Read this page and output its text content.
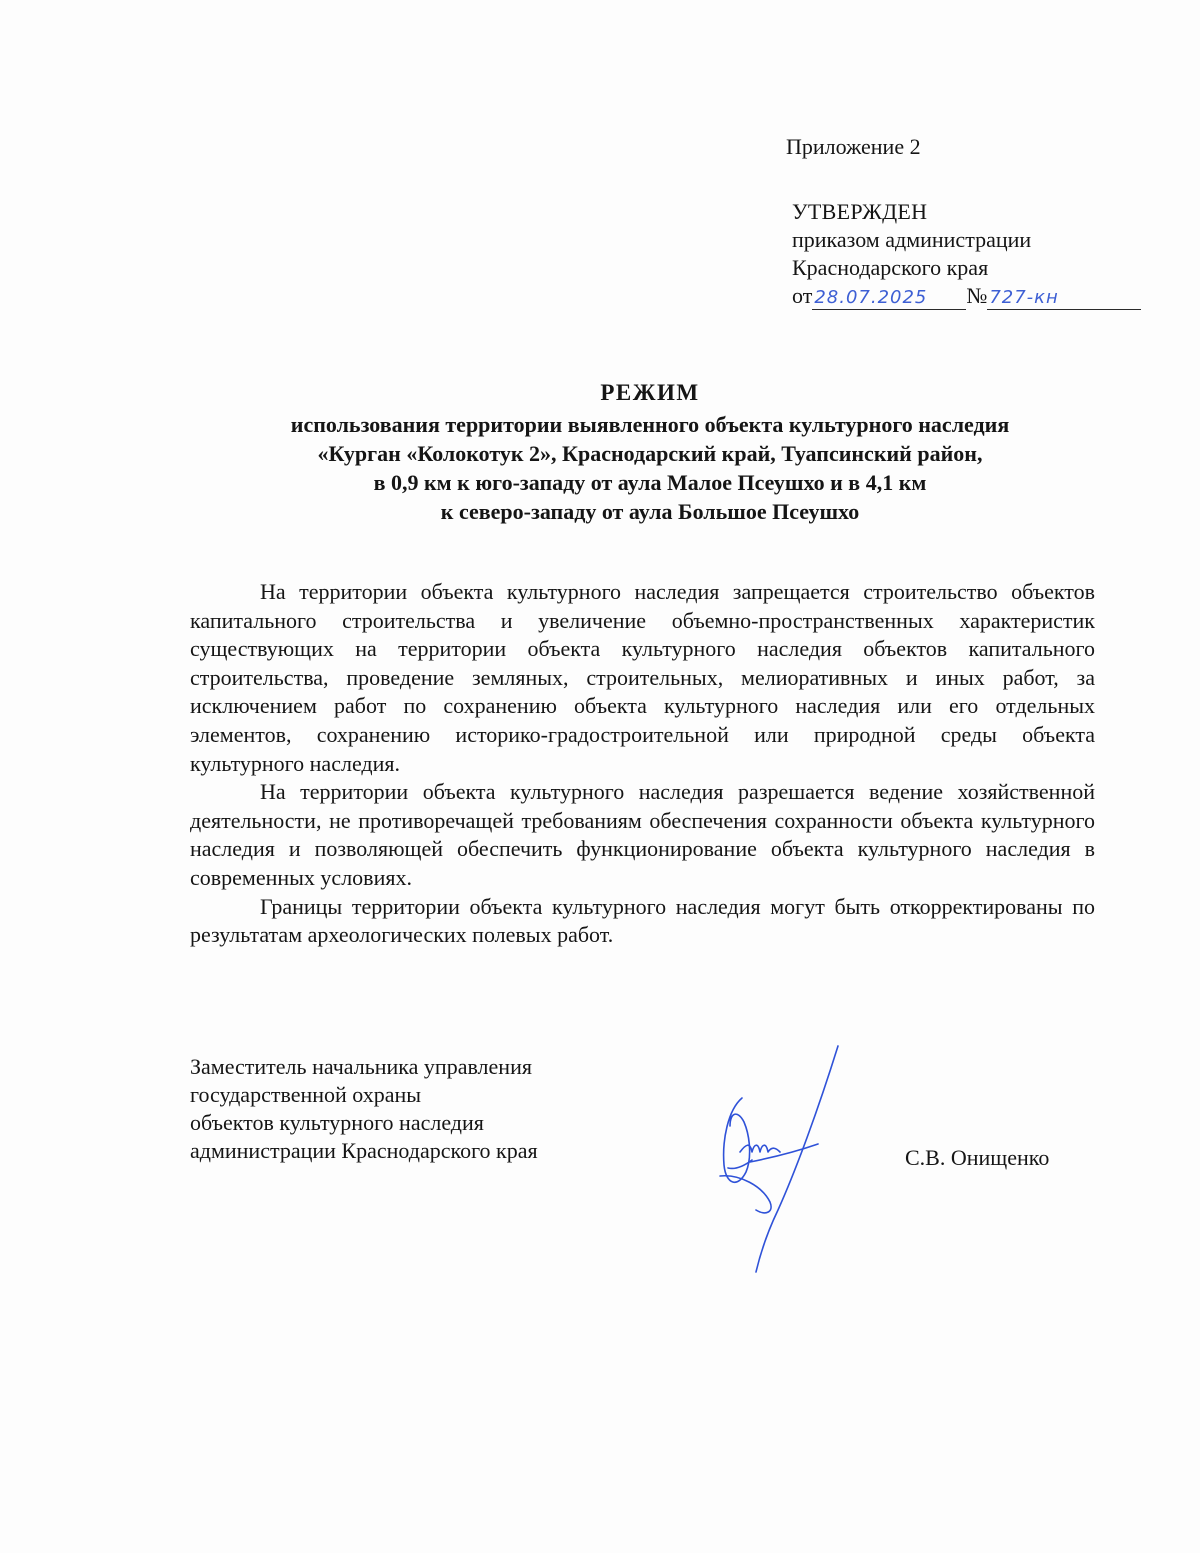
Приложение 2
УТВЕРЖДЕН
приказом администрации
Краснодарского края
от 28.07.2025 № 727-кн
РЕЖИМ
использования территории выявленного объекта культурного наследия
«Курган «Колокотук 2», Краснодарский край, Туапсинский район,
в 0,9 км к юго-западу от аула Малое Псеушхо и в 4,1 км
к северо-западу от аула Большое Псеушхо

На территории объекта культурного наследия запрещается строительство объектов капитального строительства и увеличение объемно-пространственных характеристик существующих на территории объекта культурного наследия объектов капитального строительства, проведение земляных, строительных, мелиоративных и иных работ, за исключением работ по сохранению объекта культурного наследия или его отдельных элементов, сохранению историко-градостроительной или природной среды объекта культурного наследия.

На территории объекта культурного наследия разрешается ведение хозяйственной деятельности, не противоречащей требованиям обеспечения сохранности объекта культурного наследия и позволяющей обеспечить функционирование объекта культурного наследия в современных условиях.

Границы территории объекта культурного наследия могут быть откорректированы по результатам археологических полевых работ.

Заместитель начальника управления
государственной охраны
объектов культурного наследия
администрации Краснодарского края	С.В. Онищенко
